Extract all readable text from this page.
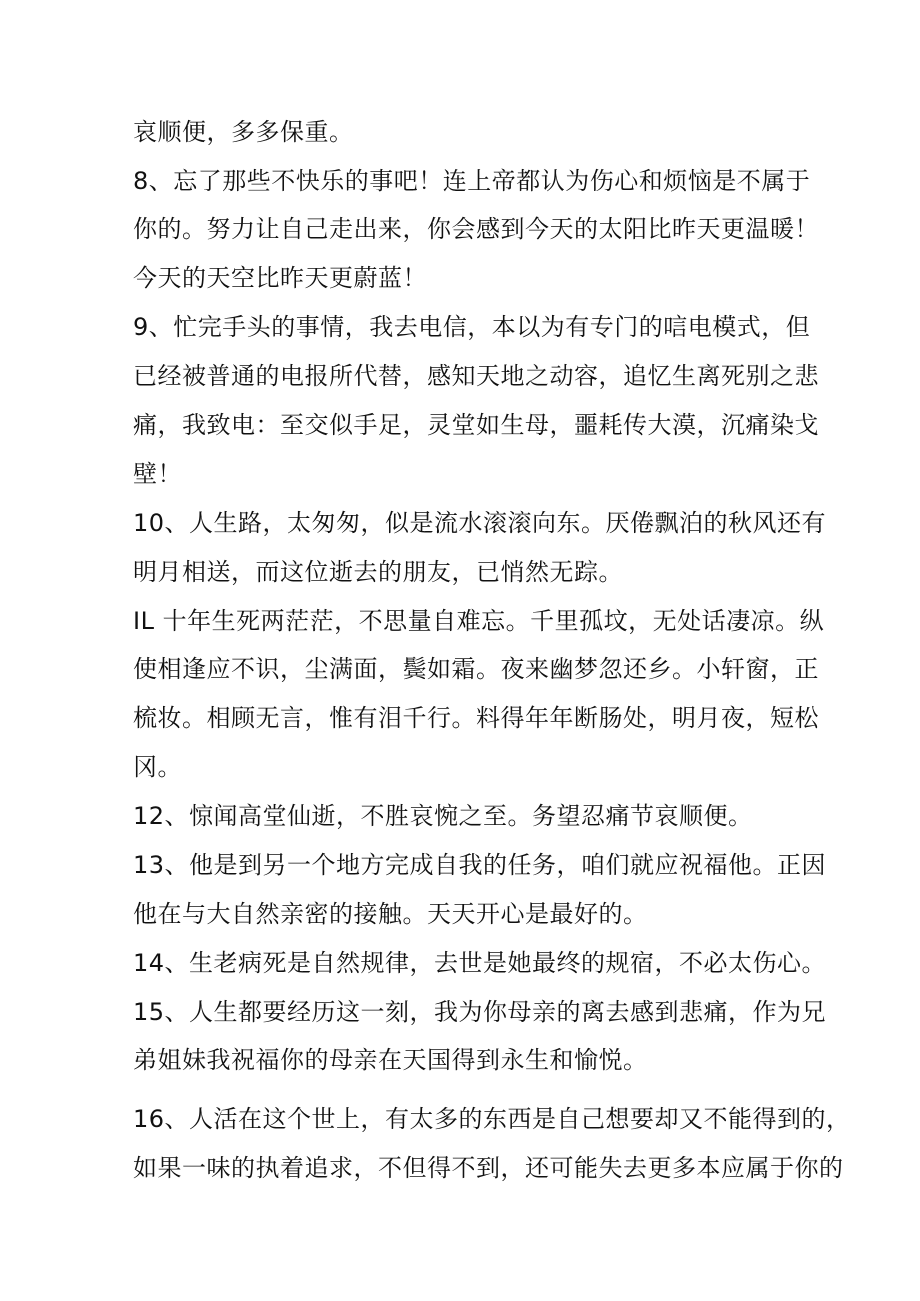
哀顺便，多多保重。
8、忘了那些不快乐的事吧！连上帝都认为伤心和烦恼是不属于
你的。努力让自己走出来，你会感到今天的太阳比昨天更温暖！
今天的天空比昨天更蔚蓝！
9、忙完手头的事情，我去电信，本以为有专门的唁电模式，但
已经被普通的电报所代替，感知天地之动容，追忆生离死别之悲
痛，我致电：至交似手足，灵堂如生母，噩耗传大漠，沉痛染戈
壁！
10、人生路，太匆匆，似是流水滚滚向东。厌倦飘泊的秋风还有
明月相送，而这位逝去的朋友，已悄然无踪。
IL 十年生死两茫茫，不思量自难忘。千里孤坟，无处话凄凉。纵
使相逢应不识，尘满面，鬓如霜。夜来幽梦忽还乡。小轩窗，正
梳妆。相顾无言，惟有泪千行。料得年年断肠处，明月夜，短松
冈。
12、惊闻高堂仙逝，不胜哀惋之至。务望忍痛节哀顺便。
13、他是到另一个地方完成自我的任务，咱们就应祝福他。正因
他在与大自然亲密的接触。天天开心是最好的。
14、生老病死是自然规律，去世是她最终的规宿，不必太伤心。
15、人生都要经历这一刻，我为你母亲的离去感到悲痛，作为兄
弟姐妹我祝福你的母亲在天国得到永生和愉悦。
16、人活在这个世上，有太多的东西是自己想要却又不能得到的，
如果一味的执着追求，不但得不到，还可能失去更多本应属于你的
